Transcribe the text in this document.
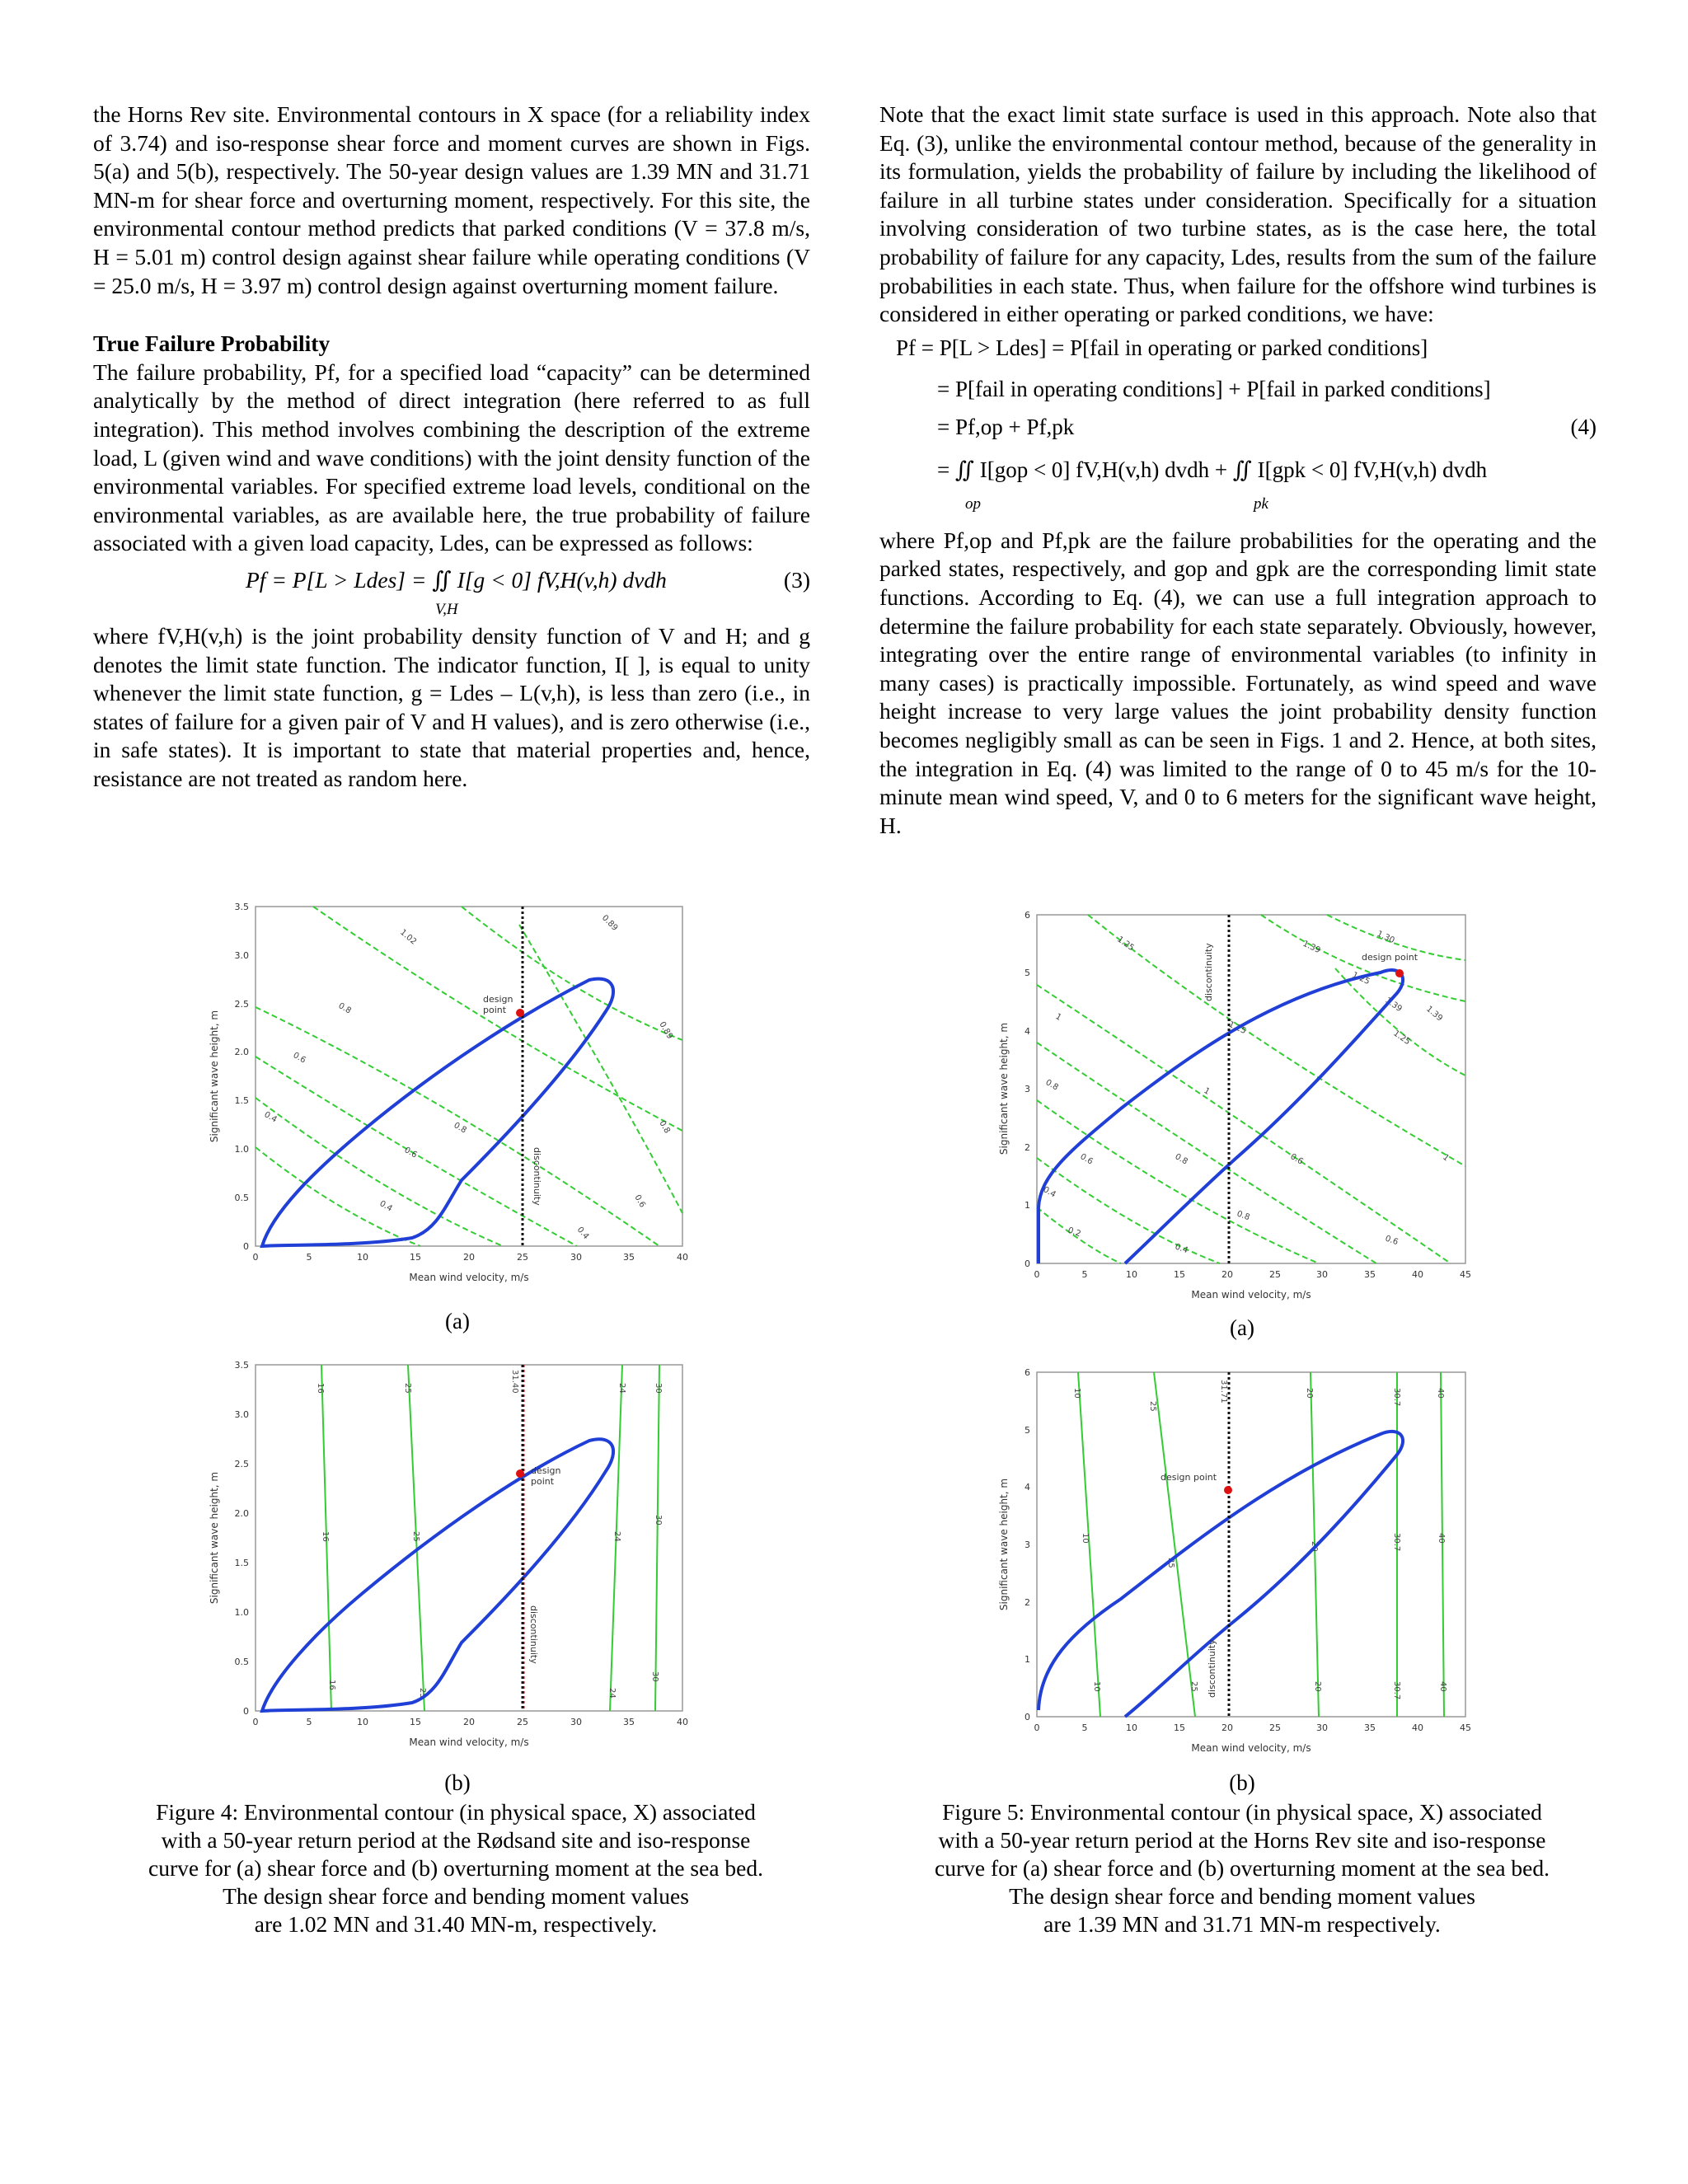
the Horns Rev site. Environmental contours in X space (for a reliability index of 3.74) and iso-response shear force and moment curves are shown in Figs. 5(a) and 5(b), respectively. The 50-year design values are 1.39 MN and 31.71 MN-m for shear force and overturning moment, respectively. For this site, the environmental contour method predicts that parked conditions (V = 37.8 m/s, H = 5.01 m) control design against shear failure while operating conditions (V = 25.0 m/s, H = 3.97 m) control design against overturning moment failure.

True Failure Probability

The failure probability, Pf, for a specified load “capacity” can be determined analytically by the method of direct integration (here referred to as full integration). This method involves combining the description of the extreme load, L (given wind and wave conditions) with the joint density function of the environmental variables. For specified extreme load levels, conditional on the environmental variables, as are available here, the true probability of failure associated with a given load capacity, Ldes, can be expressed as follows:

Pf = P[L > Ldes] = ∬ I[g < 0] fV,H(v,h) dvdh
V,H
(3)

where fV,H(v,h) is the joint probability density function of V and H; and g denotes the limit state function. The indicator function, I[ ], is equal to unity whenever the limit state function, g = Ldes – L(v,h), is less than zero (i.e., in states of failure for a given pair of V and H values), and is zero otherwise (i.e., in safe states). It is important to state that material properties and, hence, resistance are not treated as random here.

Note that the exact limit state surface is used in this approach. Note also that Eq. (3), unlike the environmental contour method, because of the generality in its formulation, yields the probability of failure by including the likelihood of failure in all turbine states under consideration. Specifically for a situation involving consideration of two turbine states, as is the case here, the total probability of failure for any capacity, Ldes, results from the sum of the failure probabilities in each state. Thus, when failure for the offshore wind turbines is considered in either operating or parked conditions, we have:

Pf = P[L > Ldes] = P[fail in operating or parked conditions]
= P[fail in operating conditions] + P[fail in parked conditions]
= Pf,op + Pf,pk
= ∬ I[gop < 0] fV,H(v,h) dvdh + ∬ I[gpk < 0] fV,H(v,h) dvdh
op	pk
(4)

where Pf,op and Pf,pk are the failure probabilities for the operating and the parked states, respectively, and gop and gpk are the corresponding limit state functions. According to Eq. (4), we can use a full integration approach to determine the failure probability for each state separately. Obviously, however, integrating over the entire range of environmental variables (to infinity in many cases) is practically impossible. Fortunately, as wind speed and wave height increase to very large values the joint probability density function becomes negligibly small as can be seen in Figs. 1 and 2. Hence, at both sites, the integration in Eq. (4) was limited to the range of 0 to 45 m/s for the 10-minute mean wind speed, V, and 0 to 6 meters for the significant wave height, H.

1.02
0.89
0.8
0.8
0.6
0.6
0.4
0.4
0.89
0.8
0.6
0.4
discontinuity
design
point
0	5	10	15	20	25	30	35	40
0
0.5
1.0
1.5
2.0
2.5
3.0
3.5
Mean wind velocity, m/s
Significant wave height, m
(a)
16	25	31.40	24	30
16	25	24
30
16
25	24
30
discontinuity
design
point
0	5	10	15	20	25	30	35	40
0
0.5
1.0
1.5
2.0
2.5
3.0
3.5
Mean wind velocity, m/s
Significant wave height, m
(b)
Figure 4: Environmental contour (in physical space, X) associated
with a 50-year return period at the Rødsand site and iso-response
curve for (a) shear force and (b) overturning moment at the sea bed.
The design shear force and bending moment values
are 1.02 MN and 31.40 MN-m, respectively.
1.39
1.30
1.25
1.39
1.25
1.25
1
1
0.8
0.8
0.6	0.6
0.4
0.2
0.4
0.8
0.6
1
1.39
1.25
discontinuity	design point
0	5	10	15	20	25	30	35	40	45
0
1
2
3
4
5
6
Mean wind velocity, m/s
Significant wave height, m
(a)
10
25
31.71	20	30.7	40
10
25
20	30.7	40
10	25	20	30.7	40
discontinuity
design point
0	5	10	15	20	25	30	35	40	45
0
1
2
3
4
5
6
Mean wind velocity, m/s
Significant wave height, m
(b)
Figure 5: Environmental contour (in physical space, X) associated
with a 50-year return period at the Horns Rev site and iso-response
curve for (a) shear force and (b) overturning moment at the sea bed.
The design shear force and bending moment values
are 1.39 MN and 31.71 MN-m respectively.
